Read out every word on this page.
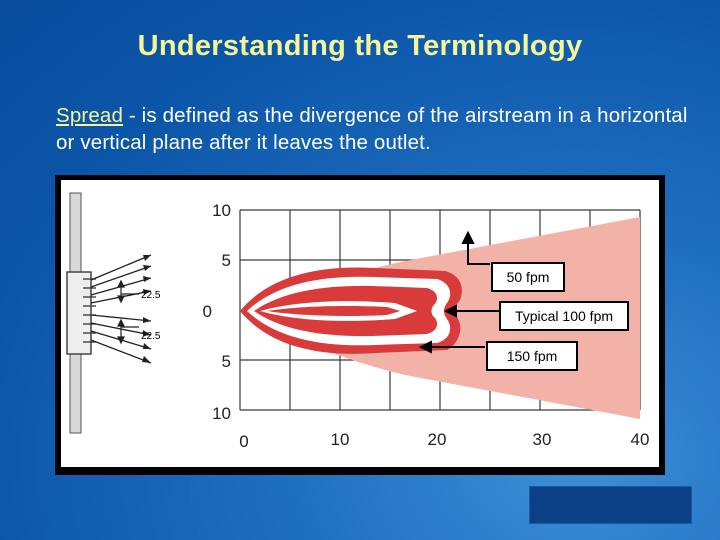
Understanding the Terminology
Spread - is defined as the divergence of the airstream in a horizontal or vertical plane after it leaves the outlet.
22.5
22.5
10
5
0
5
10
0	10	20	30	40
50 fpm
Typical 100 fpm
150 fpm
